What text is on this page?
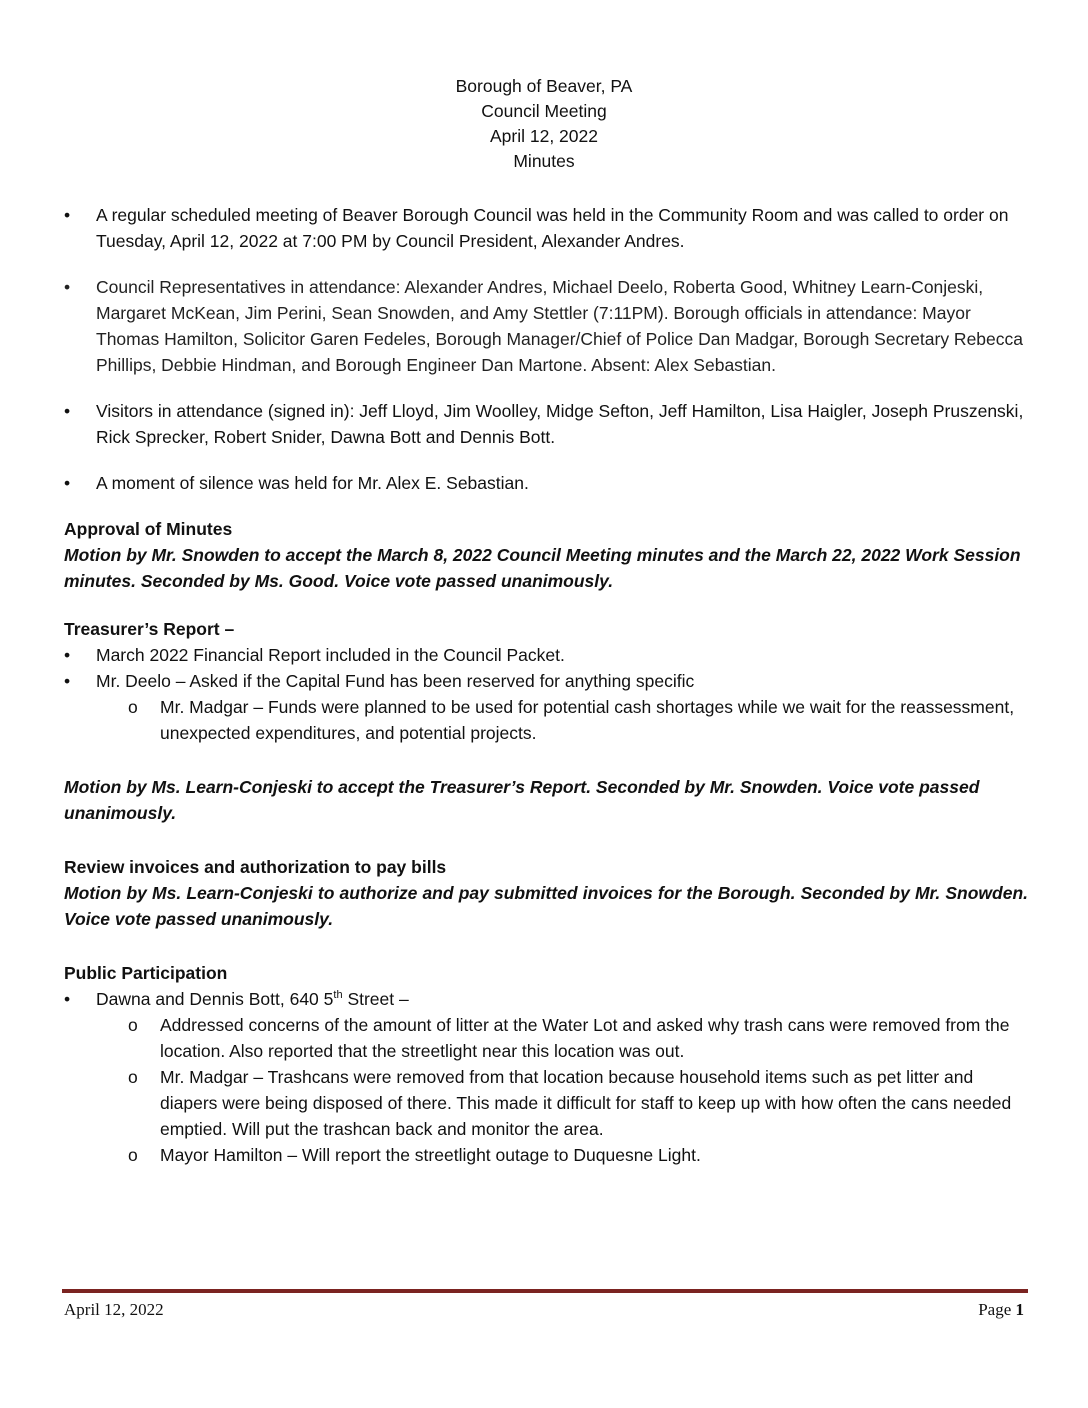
Borough of Beaver, PA
Council Meeting
April 12, 2022
Minutes
•	A regular scheduled meeting of Beaver Borough Council was held in the Community Room and was called to order on Tuesday, April 12, 2022 at 7:00 PM by Council President, Alexander Andres.
•	Council Representatives in attendance: Alexander Andres, Michael Deelo, Roberta Good, Whitney Learn-Conjeski, Margaret McKean, Jim Perini, Sean Snowden, and Amy Stettler (7:11PM). Borough officials in attendance: Mayor Thomas Hamilton, Solicitor Garen Fedeles, Borough Manager/Chief of Police Dan Madgar, Borough Secretary Rebecca Phillips, Debbie Hindman, and Borough Engineer Dan Martone. Absent: Alex Sebastian.
•	Visitors in attendance (signed in): Jeff Lloyd, Jim Woolley, Midge Sefton, Jeff Hamilton, Lisa Haigler, Joseph Pruszenski, Rick Sprecker, Robert Snider, Dawna Bott and Dennis Bott.
•	A moment of silence was held for Mr. Alex E. Sebastian.
Approval of Minutes
Motion by Mr. Snowden to accept the March 8, 2022 Council Meeting minutes and the March 22, 2022 Work Session minutes. Seconded by Ms. Good. Voice vote passed unanimously.
Treasurer’s Report –
•	March 2022 Financial Report included in the Council Packet.
•	Mr. Deelo – Asked if the Capital Fund has been reserved for anything specific
o Mr. Madgar – Funds were planned to be used for potential cash shortages while we wait for the reassessment, unexpected expenditures, and potential projects.
Motion by Ms. Learn-Conjeski to accept the Treasurer’s Report. Seconded by Mr. Snowden. Voice vote passed unanimously.
Review invoices and authorization to pay bills
Motion by Ms. Learn-Conjeski to authorize and pay submitted invoices for the Borough. Seconded by Mr. Snowden. Voice vote passed unanimously.
Public Participation
•	Dawna and Dennis Bott, 640 5th Street –
o Addressed concerns of the amount of litter at the Water Lot and asked why trash cans were removed from the location. Also reported that the streetlight near this location was out.
o Mr. Madgar – Trashcans were removed from that location because household items such as pet litter and diapers were being disposed of there. This made it difficult for staff to keep up with how often the cans needed emptied. Will put the trashcan back and monitor the area.
o Mayor Hamilton – Will report the streetlight outage to Duquesne Light.
April 12, 2022	Page 1
